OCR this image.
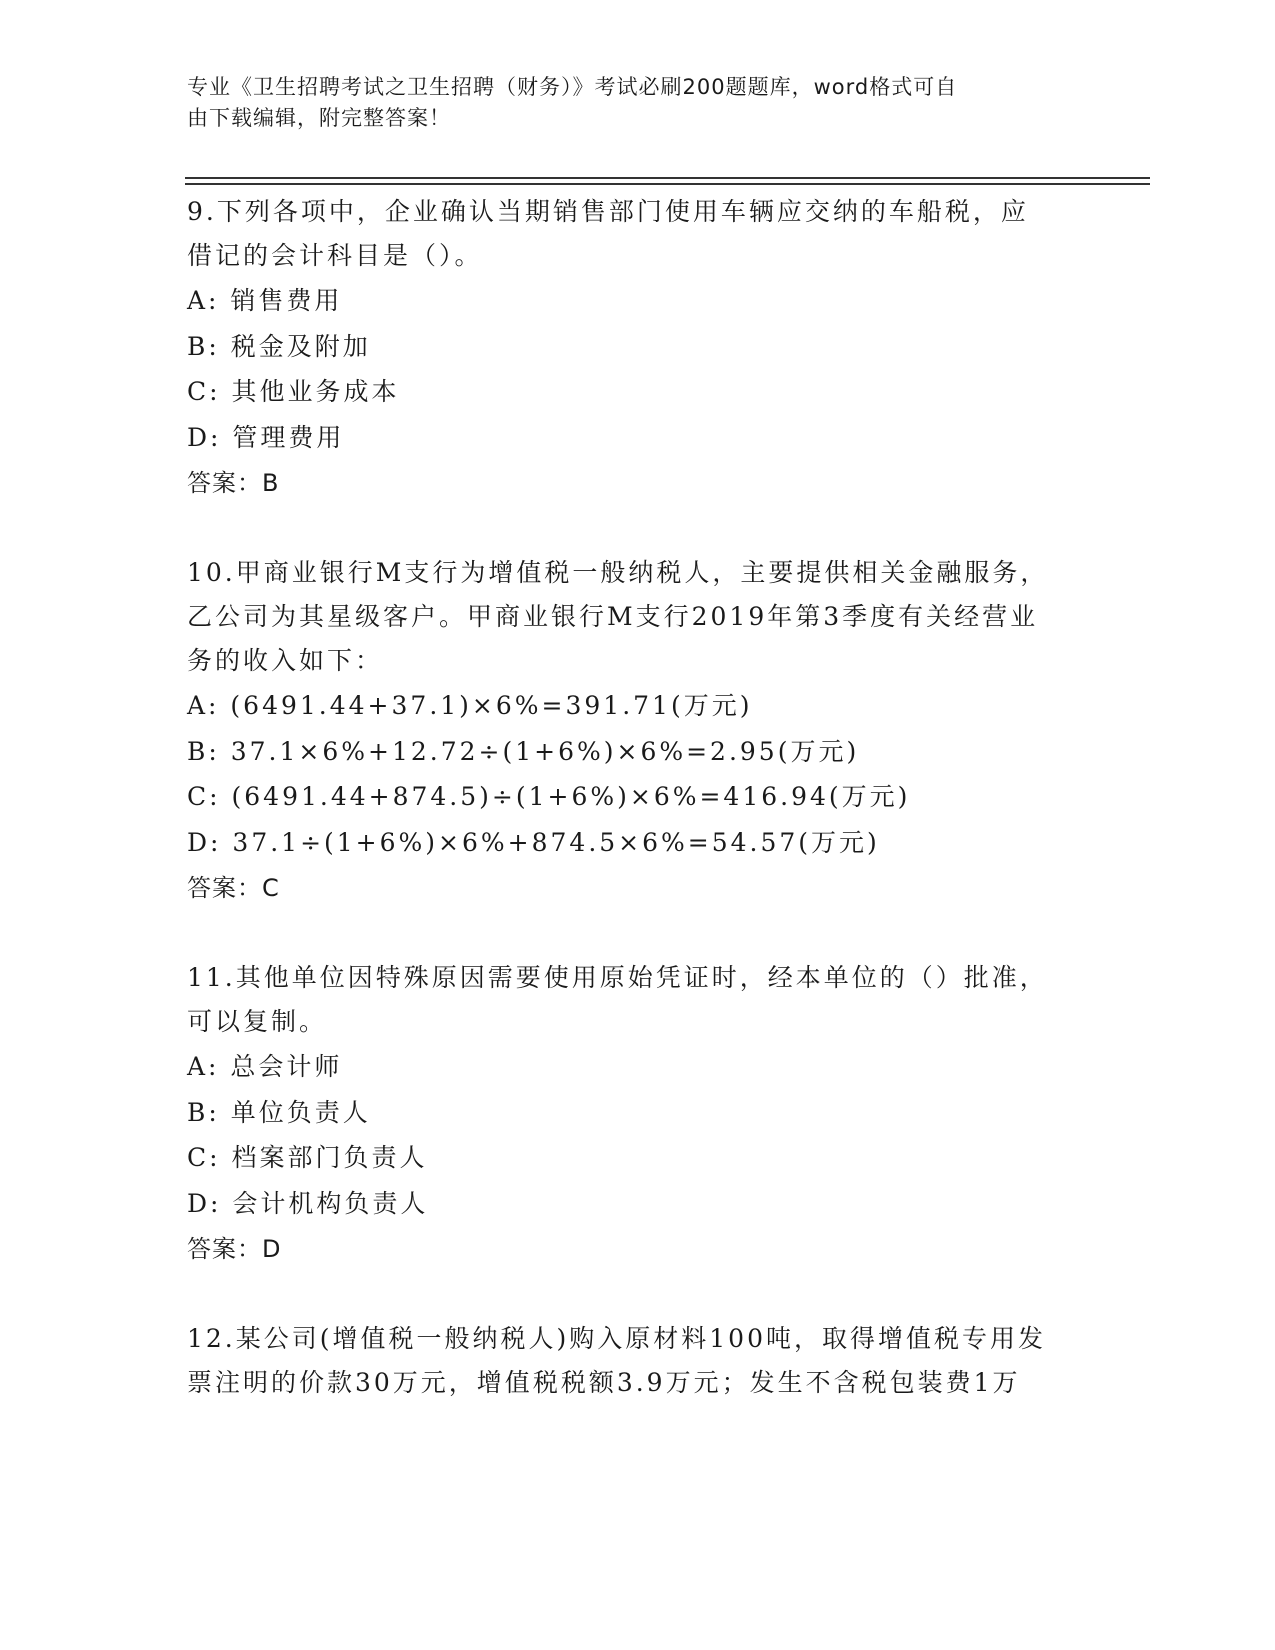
专业《卫生招聘考试之卫生招聘（财务）》考试必刷200题题库，word格式可自
由下载编辑，附完整答案！
9.下列各项中，企业确认当期销售部门使用车辆应交纳的车船税，应
借记的会计科目是（）。
A: 销售费用
B: 税金及附加
C: 其他业务成本
D: 管理费用
答案：B
10.甲商业银行M支行为增值税一般纳税人，主要提供相关金融服务，
乙公司为其星级客户。甲商业银行M支行2019年第3季度有关经营业
务的收入如下：
A: (6491.44+37.1)×6%=391.71(万元)
B: 37.1×6%+12.72÷(1+6%)×6%=2.95(万元)
C: (6491.44+874.5)÷(1+6%)×6%=416.94(万元)
D: 37.1÷(1+6%)×6%+874.5×6%=54.57(万元)
答案：C
11.其他单位因特殊原因需要使用原始凭证时，经本单位的（）批准，
可以复制。
A: 总会计师
B: 单位负责人
C: 档案部门负责人
D: 会计机构负责人
答案：D
12.某公司(增值税一般纳税人)购入原材料100吨，取得增值税专用发
票注明的价款30万元，增值税税额3.9万元；发生不含税包装费1万
